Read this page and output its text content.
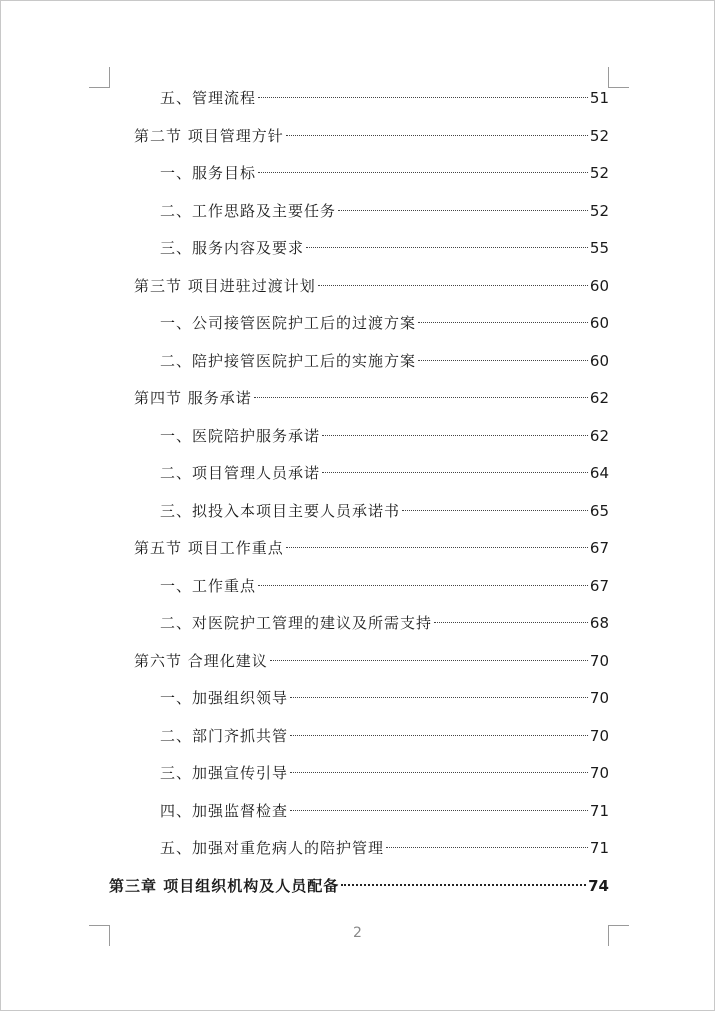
五、管理流程	51
第二节 项目管理方针	52
一、服务目标	52
二、工作思路及主要任务	52
三、服务内容及要求	55
第三节 项目进驻过渡计划	60
一、公司接管医院护工后的过渡方案	60
二、陪护接管医院护工后的实施方案	60
第四节 服务承诺	62
一、医院陪护服务承诺	62
二、项目管理人员承诺	64
三、拟投入本项目主要人员承诺书	65
第五节 项目工作重点	67
一、工作重点	67
二、对医院护工管理的建议及所需支持	68
第六节 合理化建议	70
一、加强组织领导	70
二、部门齐抓共管	70
三、加强宣传引导	70
四、加强监督检查	71
五、加强对重危病人的陪护管理	71
第三章 项目组织机构及人员配备	74
2
